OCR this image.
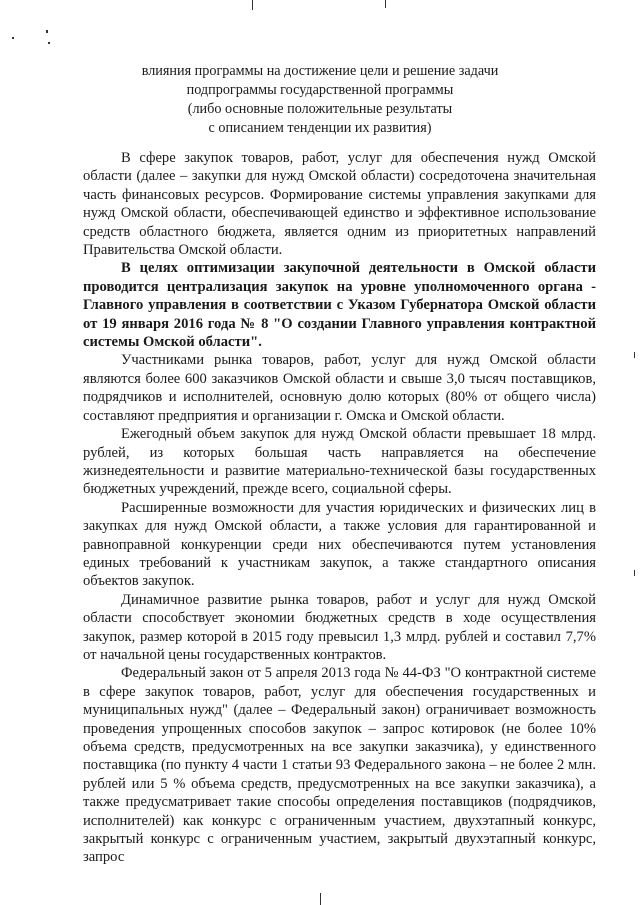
влияния программы на достижение цели и решение задачи
подпрограммы государственной программы
(либо основные положительные результаты
с описанием тенденции их развития)

В сфере закупок товаров, работ, услуг для обеспечения нужд Омской области (далее – закупки для нужд Омской области) сосредоточена значительная часть финансовых ресурсов. Формирование системы управления закупками для нужд Омской области, обеспечивающей единство и эффективное использование средств областного бюджета, является одним из приоритетных направлений Правительства Омской области.

В целях оптимизации закупочной деятельности в Омской области проводится централизация закупок на уровне уполномоченного органа - Главного управления в соответствии с Указом Губернатора Омской области от 19 января 2016 года № 8 "О создании Главного управления контрактной системы Омской области".

Участниками рынка товаров, работ, услуг для нужд Омской области являются более 600 заказчиков Омской области и свыше 3,0 тысяч поставщиков, подрядчиков и исполнителей, основную долю которых (80% от общего числа) составляют предприятия и организации г. Омска и Омской области.

Ежегодный объем закупок для нужд Омской области превышает 18 млрд. рублей, из которых большая часть направляется на обеспечение жизнедеятельности и развитие материально-технической базы государственных бюджетных учреждений, прежде всего, социальной сферы.

Расширенные возможности для участия юридических и физических лиц в закупках для нужд Омской области, а также условия для гарантированной и равноправной конкуренции среди них обеспечиваются путем установления единых требований к участникам закупок, а также стандартного описания объектов закупок.

Динамичное развитие рынка товаров, работ и услуг для нужд Омской области способствует экономии бюджетных средств в ходе осуществления закупок, размер которой в 2015 году превысил 1,3 млрд. рублей и составил 7,7% от начальной цены государственных контрактов.

Федеральный закон от 5 апреля 2013 года № 44-ФЗ "О контрактной системе в сфере закупок товаров, работ, услуг для обеспечения государственных и муниципальных нужд" (далее – Федеральный закон) ограничивает возможность проведения упрощенных способов закупок – запрос котировок (не более 10% объема средств, предусмотренных на все закупки заказчика), у единственного поставщика (по пункту 4 части 1 статьи 93 Федерального закона – не более 2 млн. рублей или 5 % объема средств, предусмотренных на все закупки заказчика), а также предусматривает такие способы определения поставщиков (подрядчиков, исполнителей) как конкурс с ограниченным участием, двухэтапный конкурс, закрытый конкурс с ограниченным участием, закрытый двухэтапный конкурс, запрос
